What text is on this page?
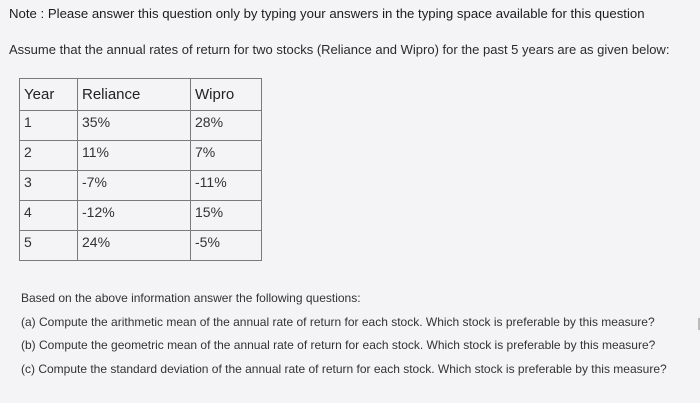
Note : Please answer this question only by typing your answers in the typing space available for this question
Assume that the annual rates of return for two stocks (Reliance and Wipro) for the past 5 years are as given below:
Year	Reliance	Wipro
1	35%	28%
2	11%	7%
3	-7%	-11%
4	-12%	15%
5	24%	-5%
Based on the above information answer the following questions:
(a) Compute the arithmetic mean of the annual rate of return for each stock. Which stock is preferable by this measure?
(b) Compute the geometric mean of the annual rate of return for each stock. Which stock is preferable by this measure?
(c) Compute the standard deviation of the annual rate of return for each stock. Which stock is preferable by this measure?
